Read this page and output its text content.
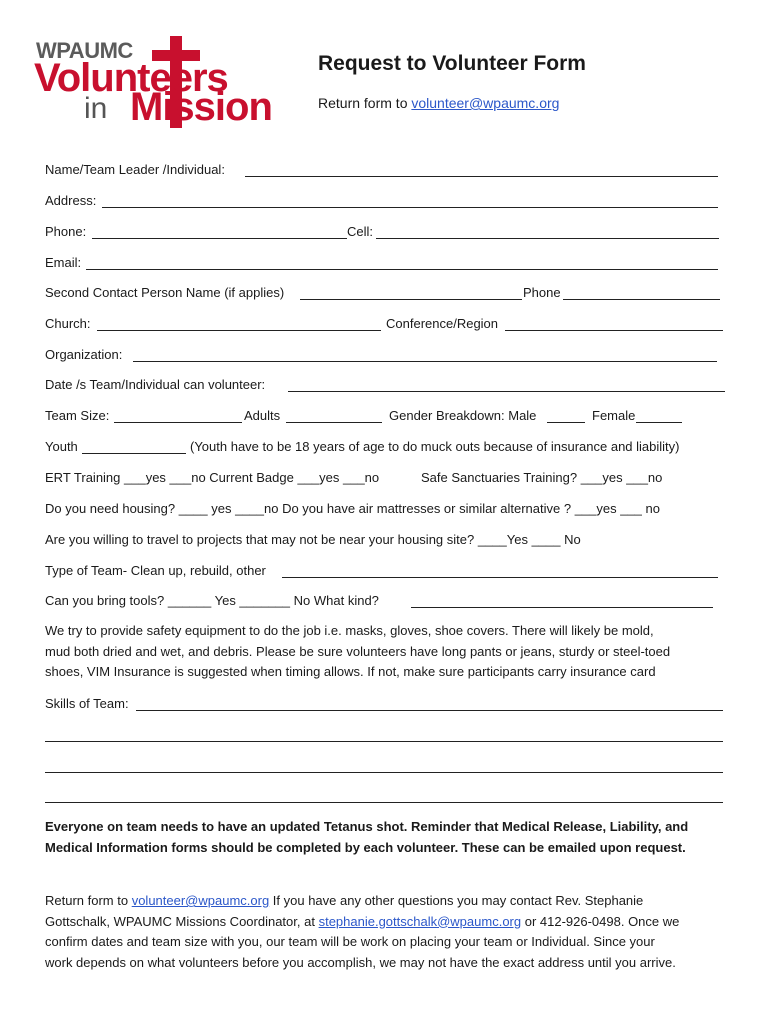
WPAUMC
Volunteers
in Mission
Request to Volunteer Form
Return form to volunteer@wpaumc.org
Name/Team Leader /Individual:
Address:
Phone:	Cell:
Email:
Second Contact Person Name (if applies)	Phone
Church:	Conference/Region
Organization:
Date /s Team/Individual can volunteer:
Team Size:	Adults	Gender Breakdown: Male	Female
Youth	(Youth have to be 18 years of age to do muck outs because of insurance and liability)
ERT Training ___yes ___no Current Badge ___yes ___no	Safe Sanctuaries Training? ___yes ___no
Do you need housing? ____ yes ____no Do you have air mattresses or similar alternative ? ___yes ___ no
Are you willing to travel to projects that may not be near your housing site? ____Yes ____ No
Type of Team- Clean up, rebuild, other
Can you bring tools? ______ Yes _______ No What kind?
We try to provide safety equipment to do the job i.e. masks, gloves, shoe covers. There will likely be mold,
mud both dried and wet, and debris. Please be sure volunteers have long pants or jeans, sturdy or steel-toed
shoes, VIM Insurance is suggested when timing allows. If not, make sure participants carry insurance card
Skills of Team:
Everyone on team needs to have an updated Tetanus shot. Reminder that Medical Release, Liability, and
Medical Information forms should be completed by each volunteer. These can be emailed upon request.
Return form to volunteer@wpaumc.org If you have any other questions you may contact Rev. Stephanie
Gottschalk, WPAUMC Missions Coordinator, at stephanie.gottschalk@wpaumc.org or 412-926-0498. Once we
confirm dates and team size with you, our team will be work on placing your team or Individual. Since your
work depends on what volunteers before you accomplish, we may not have the exact address until you arrive.
